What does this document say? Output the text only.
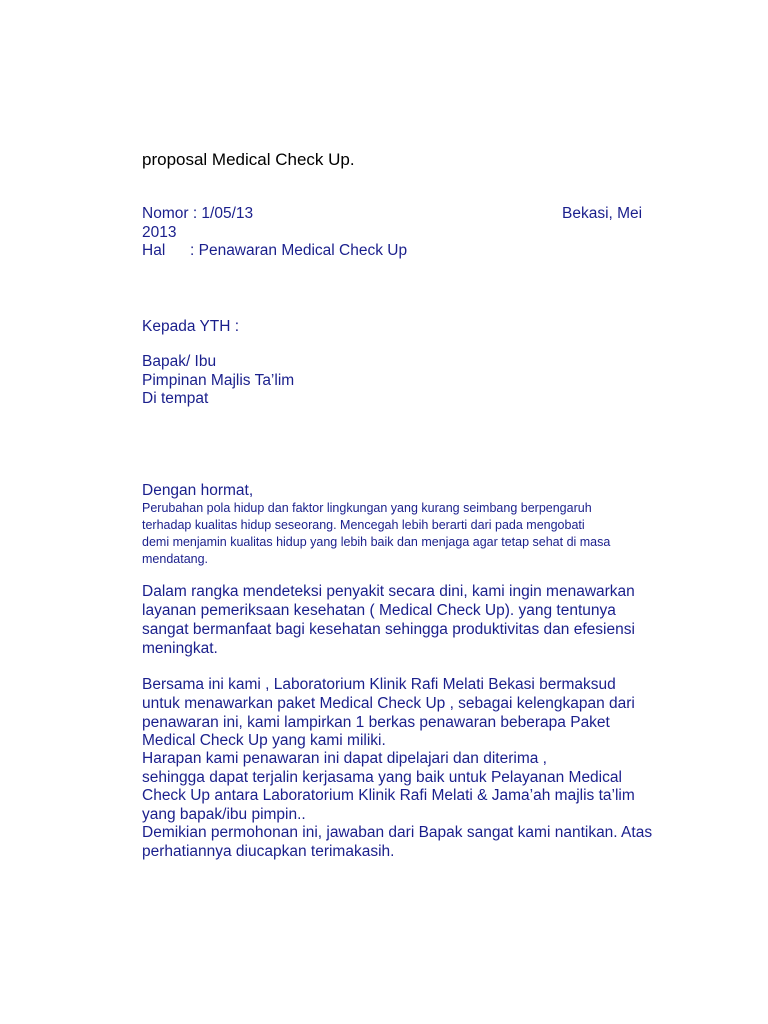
proposal Medical Check Up.
Nomor : 1/05/13	Bekasi, Mei
2013
Hal : Penawaran Medical Check Up
Kepada YTH :
Bapak/ Ibu
Pimpinan Majlis Ta’lim
Di tempat
Dengan hormat,
Perubahan pola hidup dan faktor lingkungan yang kurang seimbang berpengaruh
terhadap kualitas hidup seseorang. Mencegah lebih berarti dari pada mengobati
demi menjamin kualitas hidup yang lebih baik dan menjaga agar tetap sehat di masa
mendatang.
Dalam rangka mendeteksi penyakit secara dini, kami ingin menawarkan
layanan pemeriksaan kesehatan ( Medical Check Up). yang tentunya
sangat bermanfaat bagi kesehatan sehingga produktivitas dan efesiensi
meningkat.
Bersama ini kami , Laboratorium Klinik Rafi Melati Bekasi bermaksud
untuk menawarkan paket Medical Check Up , sebagai kelengkapan dari
penawaran ini, kami lampirkan 1 berkas penawaran beberapa Paket
Medical Check Up yang kami miliki.
Harapan kami penawaran ini dapat dipelajari dan diterima ,
sehingga dapat terjalin kerjasama yang baik untuk Pelayanan Medical
Check Up antara Laboratorium Klinik Rafi Melati & Jama’ah majlis ta’lim
yang bapak/ibu pimpin..
Demikian permohonan ini, jawaban dari Bapak sangat kami nantikan. Atas
perhatiannya diucapkan terimakasih.
